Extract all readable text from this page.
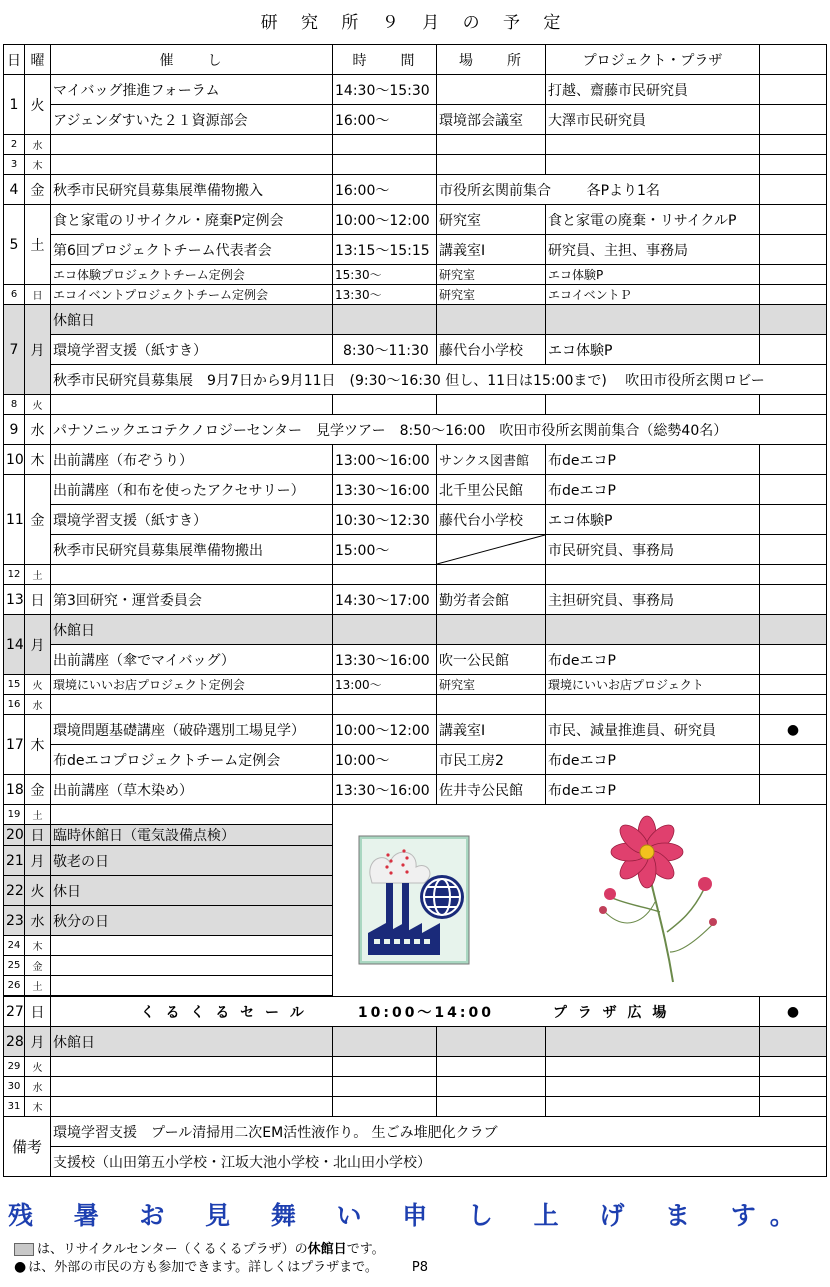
研 究 所 ９ 月 の 予 定
日	曜	催　　し	時　　間	場　　所	プロジェクト・プラザ	
1	火	マイバッグ推進フォーラム	14:30～15:30		打越、齋藤市民研究員	
		アジェンダすいた２１資源部会	16:00～	環境部会議室	大澤市民研究員	
2	水					
3	木					
4	金	秋季市民研究員募集展準備物搬入	16:00～	市役所玄関前集合 各Pより1名		
5	土	食と家電のリサイクル・廃棄P定例会	10:00～12:00	研究室	食と家電の廃棄・リサイクルP	
		第6回プロジェクトチーム代表者会	13:15～15:15	講義室Ⅰ	研究員、主担、事務局	
		エコ体験プロジェクトチーム定例会	15:30～	研究室	エコ体験P	
6	日	エコイベントプロジェクトチーム定例会	13:30～	研究室	エコイベントＰ	
7	月	休館日				
		環境学習支援（紙すき）	8:30～11:30	藤代台小学校	エコ体験P	
		秋季市民研究員募集展　9月7日から9月11日　(9:30～16:30 但し、11日は15:00まで)　 吹田市役所玄関ロビー				
8	火					
9	水	パナソニックエコテクノロジーセンター　見学ツアー　8:50～16:00　吹田市役所玄関前集合（総勢40名）				
10	木	出前講座（布ぞうり）	13:00～16:00	サンクス図書館	布deエコP	
11	金	出前講座（和布を使ったアクセサリー）	13:30～16:00	北千里公民館	布deエコP	
		環境学習支援（紙すき）	10:30～12:30	藤代台小学校	エコ体験P	
		秋季市民研究員募集展準備物搬出	15:00～		市民研究員、事務局	
12	土					
13	日	第3回研究・運営委員会	14:30～17:00	勤労者会館	主担研究員、事務局	
14	月	休館日				
		出前講座（傘でマイバッグ）	13:30～16:00	吹一公民館	布deエコP	
15	火	環境にいいお店プロジェクト定例会	13:00～	研究室	環境にいいお店プロジェクト	
16	水					
17	木	環境問題基礎講座（破砕選別工場見学）	10:00～12:00	講義室Ⅰ	市民、減量推進員、研究員	●
		布deエコプロジェクトチーム定例会	10:00～	市民工房2	布deエコP	
18	金	出前講座（草木染め）	13:30～16:00	佐井寺公民館	布deエコP	
19	土					
20	日	臨時休館日（電気設備点検）				
21	月	敬老の日				
22	火	休日				
23	水	秋分の日				
24	木					
25	金					
26	土					

27	日	く る く る セ ー ル　　　10:00～14:00　　　 プ ラ ザ 広 場				●
28	月	休館日				
29	火					
30	水					
31	木					
備考		環境学習支援　プール清掃用二次EM活性液作り。 生ごみ堆肥化クラブ				
		支援校（山田第五小学校・江坂大池小学校・北山田小学校）				
残 暑 お 見 舞 い 申 し 上 げ ま す。
は、リサイクルセンター（くるくるプラザ）の休館日です。
● は、外部の市民の方も参加できます。詳しくはプラザまで。	P8
